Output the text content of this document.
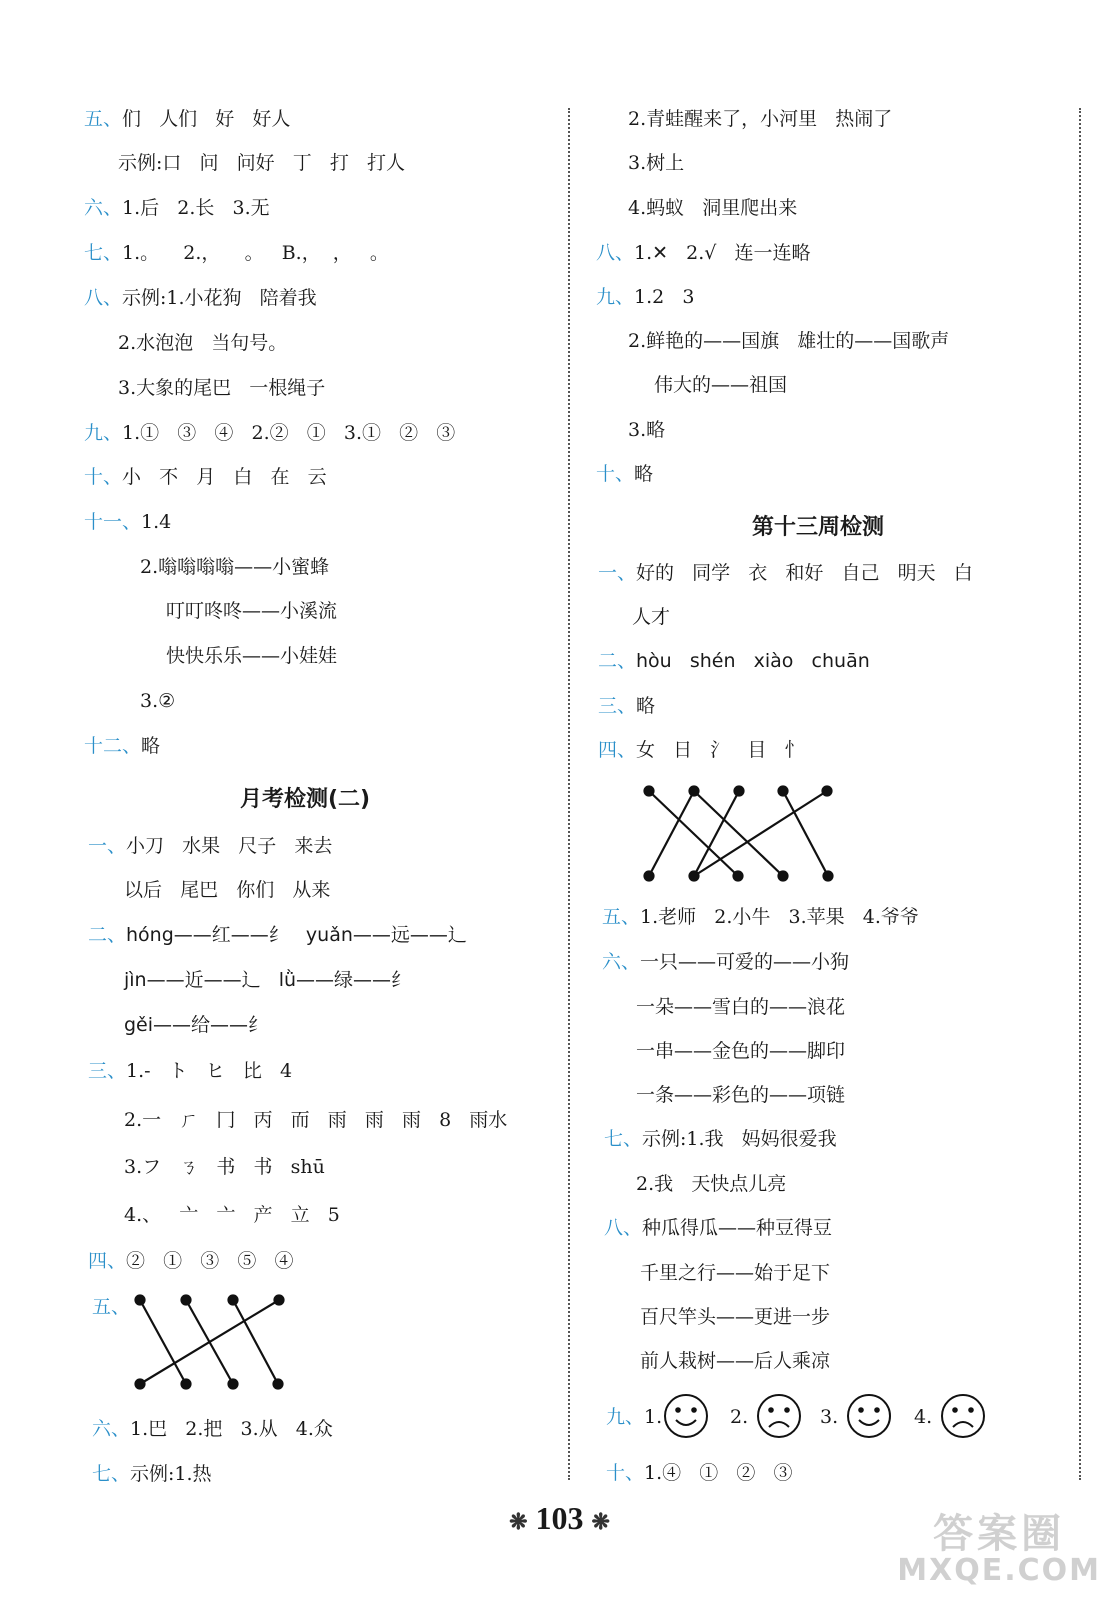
五、们   人们   好   好人
示例:口   问   问好   丁   打   打人
六、1.后   2.长   3.无
七、1.。    2.，    。   B.，  ，   。
八、示例:1.小花狗   陪着我
2.水泡泡   当句号。
3.大象的尾巴   一根绳子
九、1.①   ③   ④   2.②   ①   3.①   ②   ③
十、小   不   月   白   在   云
十一、1.4
2.嗡嗡嗡嗡——小蜜蜂
叮叮咚咚——小溪流
快快乐乐——小娃娃
3.②
十二、略
月考检测(二)
一、小刀   水果   尺子   来去
以后   尾巴   你们   从来
二、hóng——红——纟   yuǎn——远——辶
jìn——近——辶   lǜ——绿——纟
gěi——给——纟
三、1.-   ト   ヒ   比   4
2.一   ㄏ   冂   丙   而   雨   雨   雨   8   雨水
3.フ   ㄋ   书   书   shū
4.、   亠   亠   产   立   5
四、②   ①   ③   ⑤   ④
五、
六、1.巴   2.把   3.从   4.众
七、示例:1.热
2.青蛙醒来了，小河里   热闹了
3.树上
4.蚂蚁   洞里爬出来
八、1.✕   2.√   连一连略
九、1.2   3
2.鲜艳的——国旗   雄壮的——国歌声
伟大的——祖国
3.略
十、略
第十三周检测
一、好的   同学   衣   和好   自己   明天   白
人才
二、hòu   shén   xiào   chuān
三、略
四、女   日   氵   目   忄
五、1.老师   2.小牛   3.苹果   4.爷爷
六、一只——可爱的——小狗
一朵——雪白的——浪花
一串——金色的——脚印
一条——彩色的——项链
七、示例:1.我   妈妈很爱我
2.我   天快点儿亮
八、种瓜得瓜——种豆得豆
千里之行——始于足下
百尺竿头——更进一步
前人栽树——后人乘凉
九、1.	2.	3.	4.
十、1.④   ①   ②   ③
❋ 103 ❋	答案圈
MXQE.COM
